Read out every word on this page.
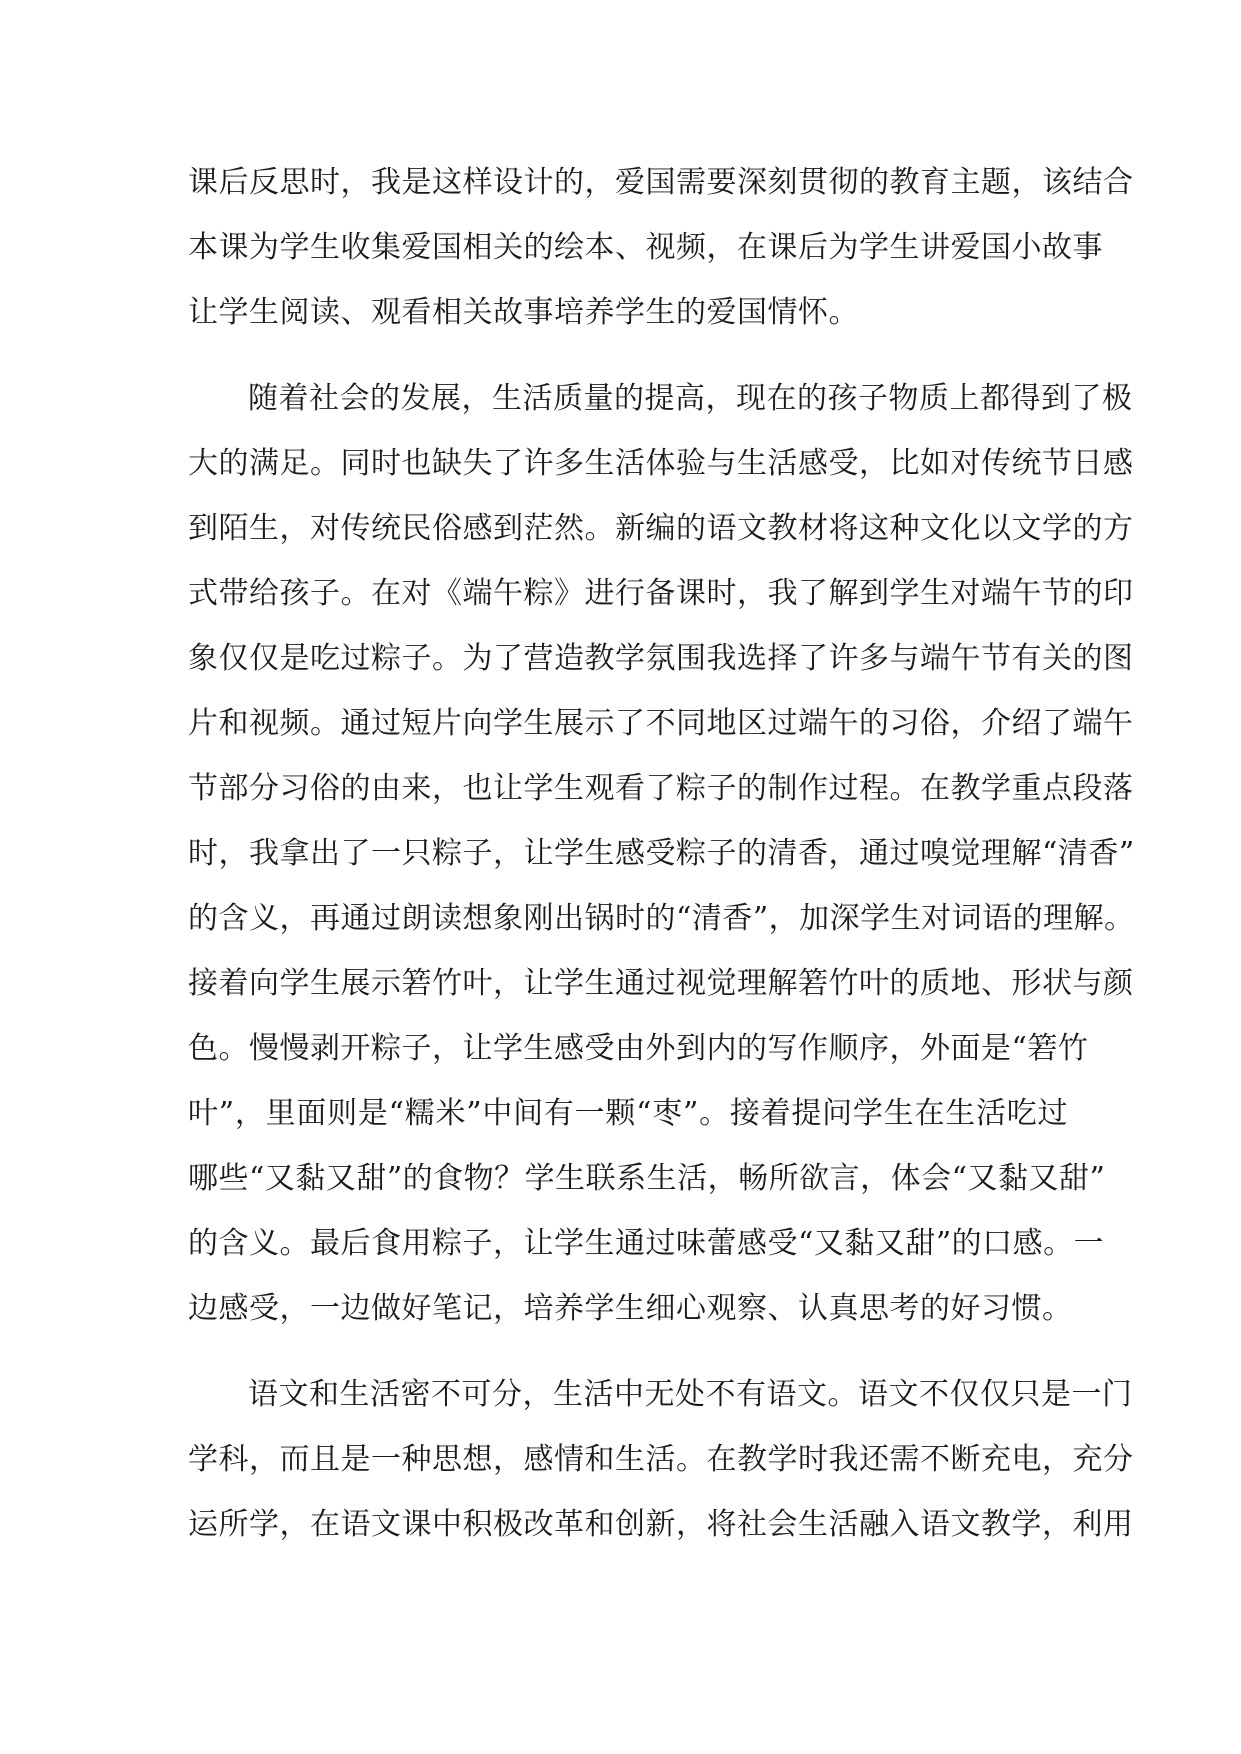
课后反思时，我是这样设计的，爱国需要深刻贯彻的教育主题，该结合
本课为学生收集爱国相关的绘本、视频，在课后为学生讲爱国小故事
让学生阅读、观看相关故事培养学生的爱国情怀。
随着社会的发展，生活质量的提高，现在的孩子物质上都得到了极
大的满足。同时也缺失了许多生活体验与生活感受，比如对传统节日感
到陌生，对传统民俗感到茫然。新编的语文教材将这种文化以文学的方
式带给孩子。在对《端午粽》进行备课时，我了解到学生对端午节的印
象仅仅是吃过粽子。为了营造教学氛围我选择了许多与端午节有关的图
片和视频。通过短片向学生展示了不同地区过端午的习俗，介绍了端午
节部分习俗的由来，也让学生观看了粽子的制作过程。在教学重点段落
时，我拿出了一只粽子，让学生感受粽子的清香，通过嗅觉理解“清香”
的含义，再通过朗读想象刚出锅时的“清香”，加深学生对词语的理解。
接着向学生展示箬竹叶，让学生通过视觉理解箬竹叶的质地、形状与颜
色。慢慢剥开粽子，让学生感受由外到内的写作顺序，外面是“箬竹
叶”，里面则是“糯米”中间有一颗“枣”。接着提问学生在生活吃过
哪些“又黏又甜”的食物？学生联系生活，畅所欲言，体会“又黏又甜”
的含义。最后食用粽子，让学生通过味蕾感受“又黏又甜”的口感。一
边感受，一边做好笔记，培养学生细心观察、认真思考的好习惯。
语文和生活密不可分，生活中无处不有语文。语文不仅仅只是一门
学科，而且是一种思想，感情和生活。在教学时我还需不断充电，充分
运所学，在语文课中积极改革和创新，将社会生活融入语文教学，利用
